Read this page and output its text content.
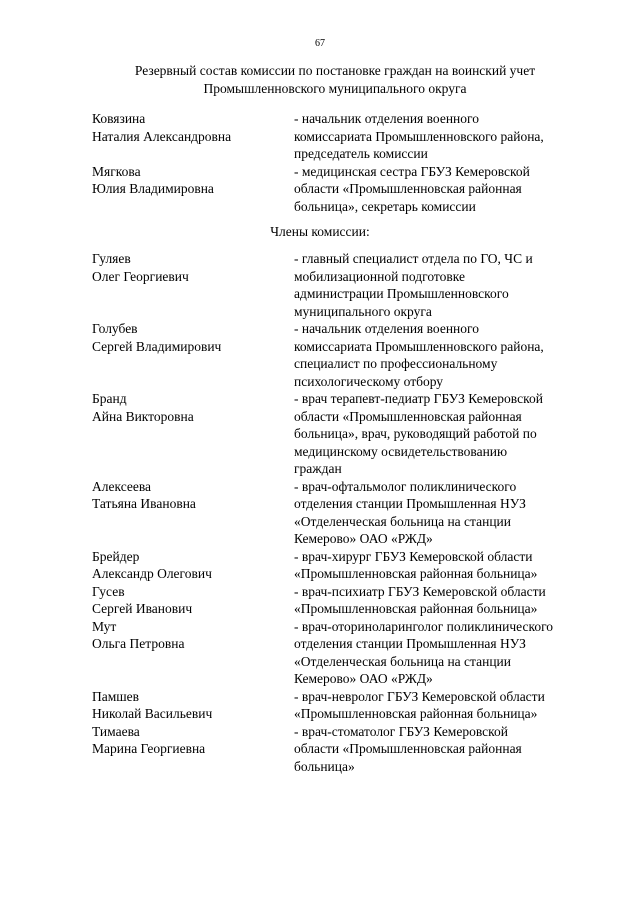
67
Резервный состав комиссии по постановке граждан на воинский учет
Промышленновского муниципального округа
Ковязина
Наталия Александровна
- начальник отделения военного
комиссариата Промышленновского района,
председатель комиссии
Мягкова
Юлия Владимировна
- медицинская сестра ГБУЗ Кемеровской
области «Промышленновская районная
больница», секретарь комиссии
Члены комиссии:
Гуляев
Олег Георгиевич
- главный специалист отдела по ГО, ЧС и
мобилизационной подготовке
администрации Промышленновского
муниципального округа
Голубев
Сергей Владимирович
- начальник отделения военного
комиссариата Промышленновского района,
специалист по профессиональному
психологическому отбору
Бранд
Айна Викторовна
- врач терапевт-педиатр ГБУЗ Кемеровской
области «Промышленновская районная
больница», врач, руководящий работой по
медицинскому освидетельствованию
граждан
Алексеева
Татьяна Ивановна
- врач-офтальмолог поликлинического
отделения станции Промышленная НУЗ
«Отделенческая больница на станции
Кемерово» ОАО «РЖД»
Брейдер
Александр Олегович
- врач-хирург ГБУЗ Кемеровской области
«Промышленновская районная больница»
Гусев
Сергей Иванович
- врач-психиатр ГБУЗ Кемеровской области
«Промышленновская районная больница»
Мут
Ольга Петровна
- врач-оториноларинголог поликлинического
отделения станции Промышленная НУЗ
«Отделенческая больница на станции
Кемерово» ОАО «РЖД»
Памшев
Николай Васильевич
- врач-невролог ГБУЗ Кемеровской области
«Промышленновская районная больница»
Тимаева
Марина Георгиевна
- врач-стоматолог ГБУЗ Кемеровской
области «Промышленновская районная
больница»
